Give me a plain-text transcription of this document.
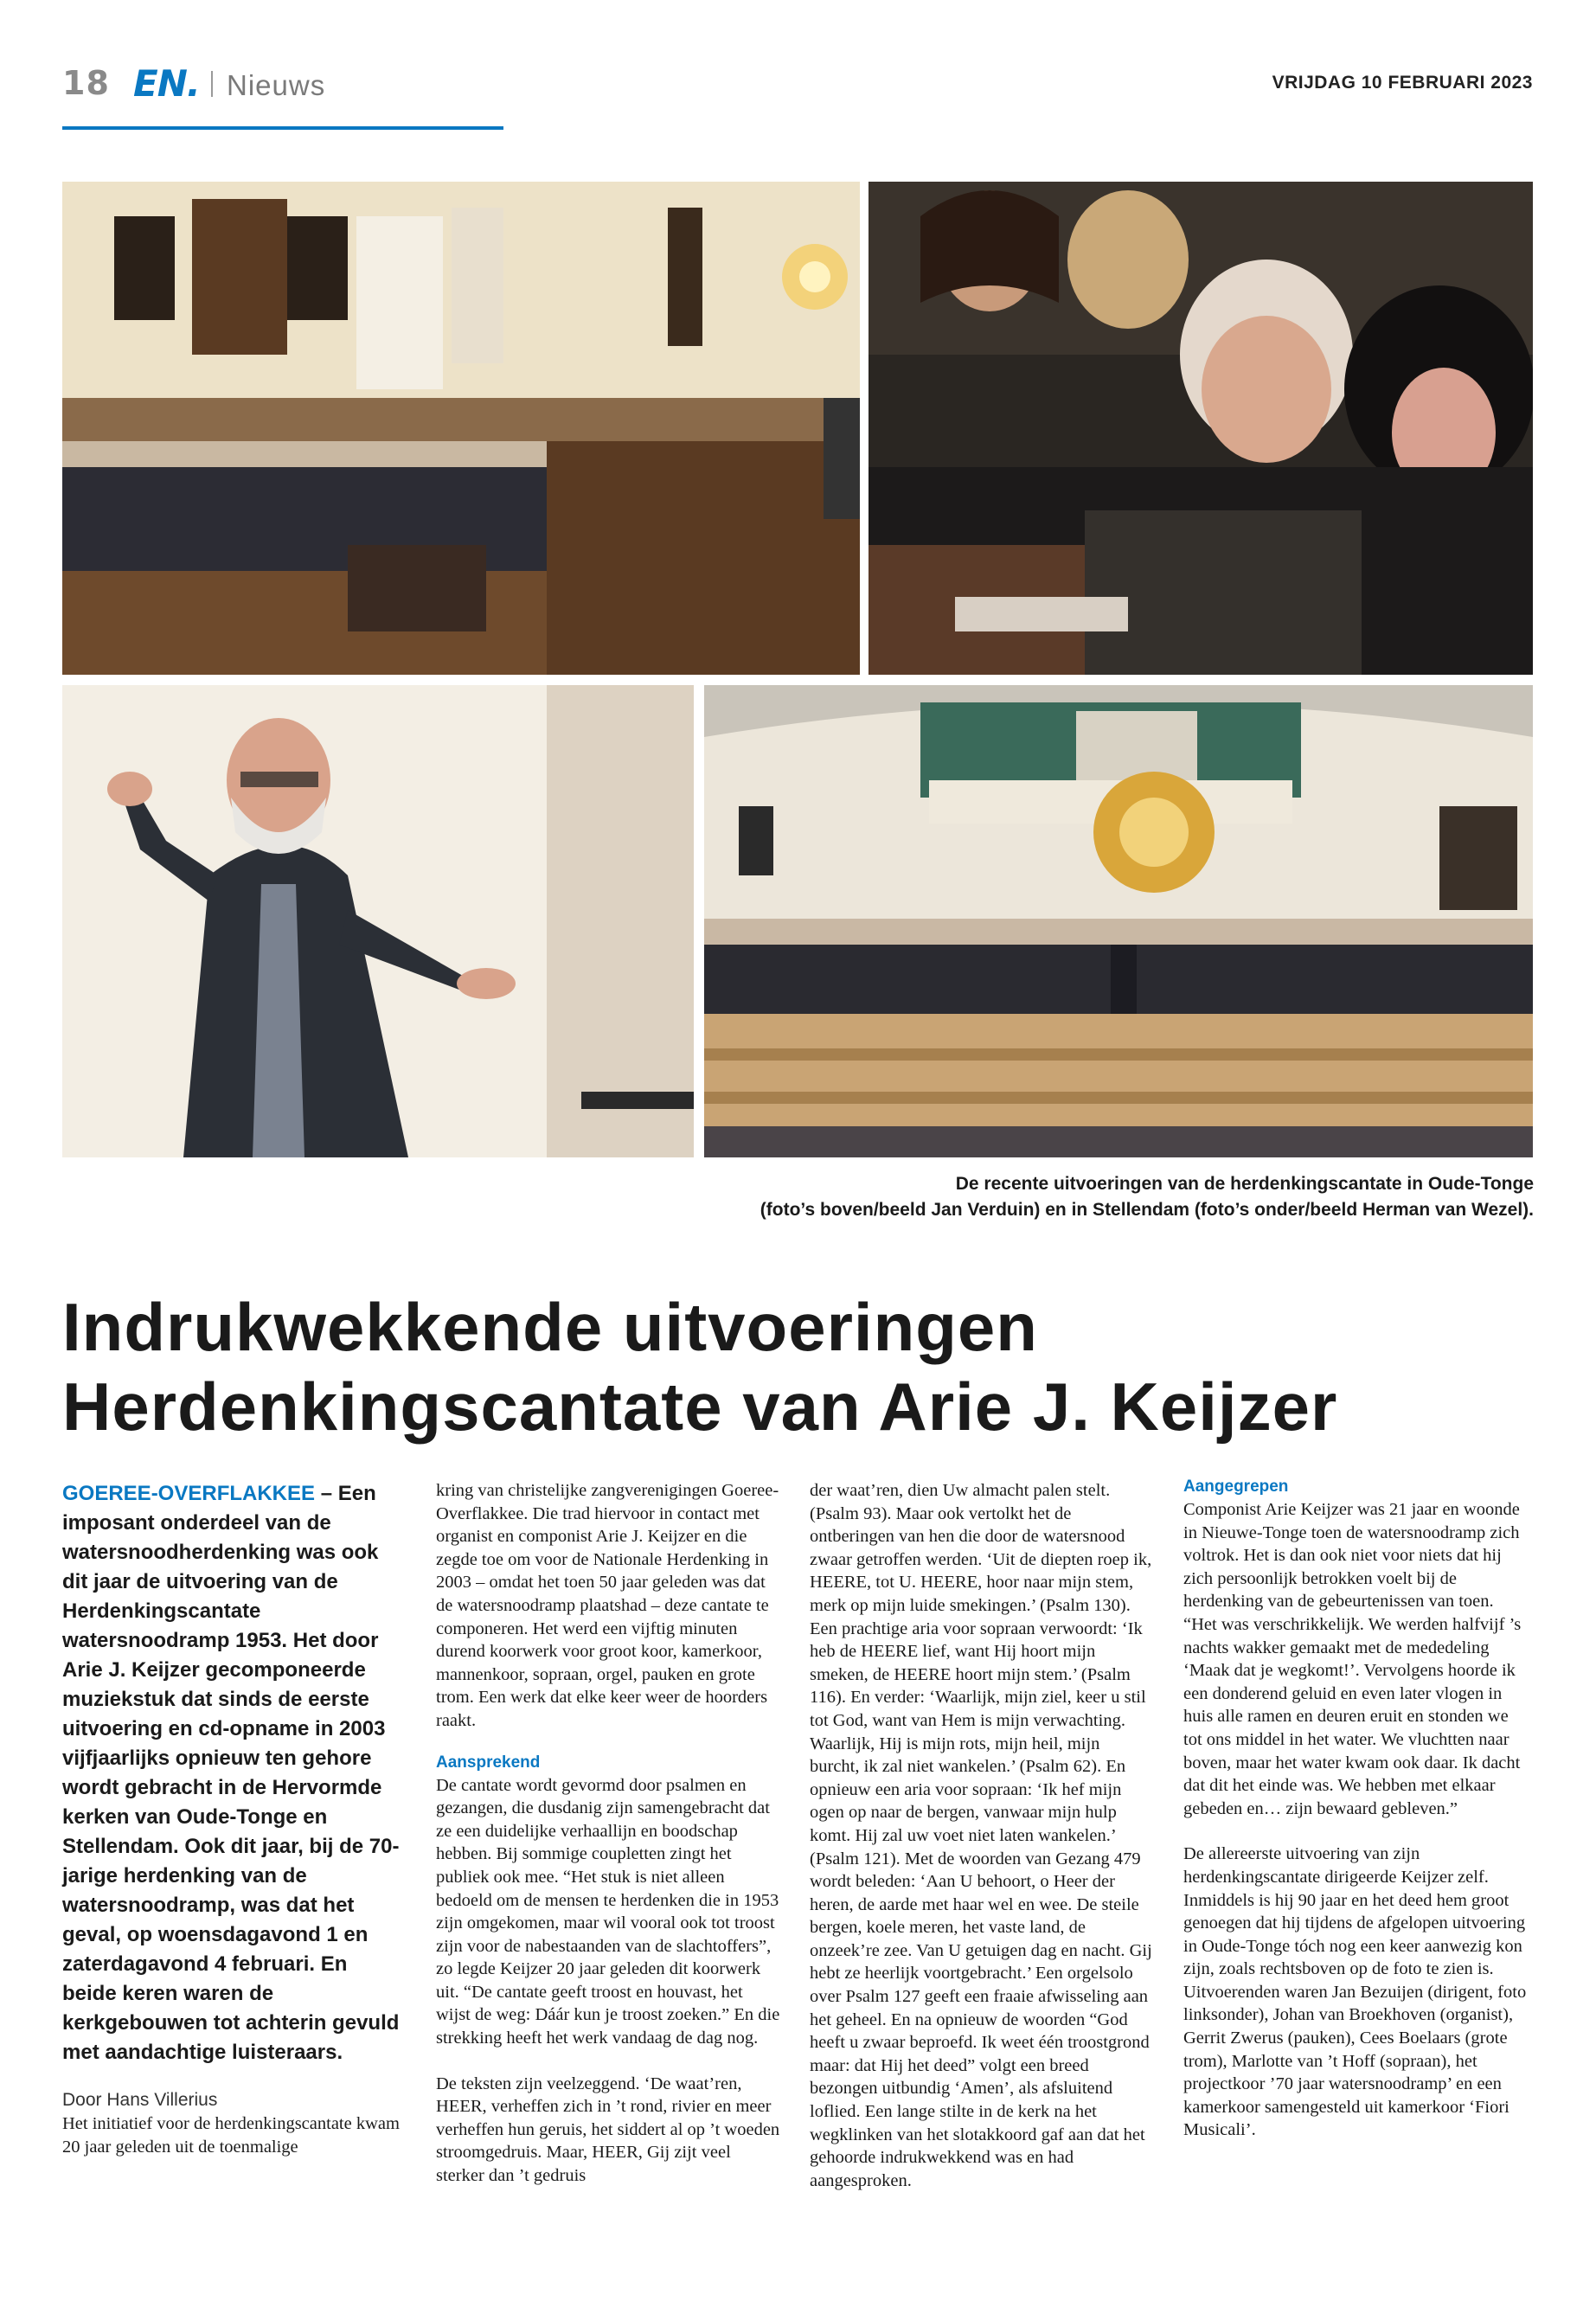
18 EN. Nieuws	VRIJDAG 10 FEBRUARI 2023
De recente uitvoeringen van de herdenkingscantate in Oude-Tonge
(foto’s boven/beeld Jan Verduin) en in Stellendam (foto’s onder/beeld Herman van Wezel).
Indrukwekkende uitvoeringen
Herdenkingscantate van Arie J. Keijzer

GOEREE-OVERFLAKKEE – Een imposant onderdeel van de watersnoodherdenking was ook dit jaar de uitvoering van de Herdenkingscantate watersnoodramp 1953. Het door Arie J. Keijzer gecomponeerde muziekstuk dat sinds de eerste uitvoering en cd-opname in 2003 vijfjaarlijks opnieuw ten gehore wordt gebracht in de Hervormde kerken van Oude-Tonge en Stellendam. Ook dit jaar, bij de 70-jarige herdenking van de watersnoodramp, was dat het geval, op woensdagavond 1 en zaterdagavond 4 februari. En beide keren waren de kerkgebouwen tot achterin gevuld met aandachtige luisteraars.

Door Hans Villerius

Het initiatief voor de herdenkingscantate kwam 20 jaar geleden uit de toenmalige

kring van christelijke zangverenigingen Goeree-Overflakkee. Die trad hiervoor in contact met organist en componist Arie J. Keijzer en die zegde toe om voor de Nationale Herdenking in 2003 – omdat het toen 50 jaar geleden was dat de watersnoodramp plaatshad – deze cantate te componeren. Het werd een vijftig minuten durend koorwerk voor groot koor, kamerkoor, mannenkoor, sopraan, orgel, pauken en grote trom. Een werk dat elke keer weer de hoorders raakt.

Aansprekend

De cantate wordt gevormd door psalmen en gezangen, die dusdanig zijn samengebracht dat ze een duidelijke verhaallijn en boodschap hebben. Bij sommige coupletten zingt het publiek ook mee. “Het stuk is niet alleen bedoeld om de mensen te herdenken die in 1953 zijn omgekomen, maar wil vooral ook tot troost zijn voor de nabestaanden van de slachtoffers”, zo legde Keijzer 20 jaar geleden dit koorwerk uit. “De cantate geeft troost en houvast, het wijst de weg: Dáár kun je troost zoeken.” En die strekking heeft het werk vandaag de dag nog.

De teksten zijn veelzeggend. ‘De waat’ren, HEER, verheffen zich in ’t rond, rivier en meer verheffen hun geruis, het siddert al op ’t woeden stroomgedruis. Maar, HEER, Gij zijt veel sterker dan ’t gedruis

der waat’ren, dien Uw almacht palen stelt. (Psalm 93). Maar ook vertolkt het de ontberingen van hen die door de watersnood zwaar getroffen werden. ‘Uit de diepten roep ik, HEERE, tot U. HEERE, hoor naar mijn stem, merk op mijn luide smekingen.’ (Psalm 130). Een prachtige aria voor sopraan verwoordt: ‘Ik heb de HEERE lief, want Hij hoort mijn smeken, de HEERE hoort mijn stem.’ (Psalm 116). En verder: ‘Waarlijk, mijn ziel, keer u stil tot God, want van Hem is mijn verwachting. Waarlijk, Hij is mijn rots, mijn heil, mijn burcht, ik zal niet wankelen.’ (Psalm 62). En opnieuw een aria voor sopraan: ‘Ik hef mijn ogen op naar de bergen, vanwaar mijn hulp komt. Hij zal uw voet niet laten wankelen.’ (Psalm 121). Met de woorden van Gezang 479 wordt beleden: ‘Aan U behoort, o Heer der heren, de aarde met haar wel en wee. De steile bergen, koele meren, het vaste land, de onzeek’re zee. Van U getuigen dag en nacht. Gij hebt ze heerlijk voortgebracht.’ Een orgelsolo over Psalm 127 geeft een fraaie afwisseling aan het geheel. En na opnieuw de woorden “God heeft u zwaar beproefd. Ik weet één troostgrond maar: dat Hij het deed” volgt een breed bezongen uitbundig ‘Amen’, als afsluitend loflied. Een lange stilte in de kerk na het wegklinken van het slotakkoord gaf aan dat het gehoorde indrukwekkend was en had aangesproken.

Aangegrepen

Componist Arie Keijzer was 21 jaar en woonde in Nieuwe-Tonge toen de watersnoodramp zich voltrok. Het is dan ook niet voor niets dat hij zich persoonlijk betrokken voelt bij de herdenking van de gebeurtenissen van toen. “Het was verschrikkelijk. We werden halfvijf ’s nachts wakker gemaakt met de mededeling ‘Maak dat je wegkomt!’. Vervolgens hoorde ik een donderend geluid en even later vlogen in huis alle ramen en deuren eruit en stonden we tot ons middel in het water. We vluchtten naar boven, maar het water kwam ook daar. Ik dacht dat dit het einde was. We hebben met elkaar gebeden en… zijn bewaard gebleven.”

De allereerste uitvoering van zijn herdenkingscantate dirigeerde Keijzer zelf. Inmiddels is hij 90 jaar en het deed hem groot genoegen dat hij tijdens de afgelopen uitvoering in Oude-Tonge tóch nog een keer aanwezig kon zijn, zoals rechtsboven op de foto te zien is. Uitvoerenden waren Jan Bezuijen (dirigent, foto linksonder), Johan van Broekhoven (organist), Gerrit Zwerus (pauken), Cees Boelaars (grote trom), Marlotte van ’t Hoff (sopraan), het projectkoor ’70 jaar watersnoodramp’ en een kamerkoor samengesteld uit kamerkoor ‘Fiori Musicali’.
